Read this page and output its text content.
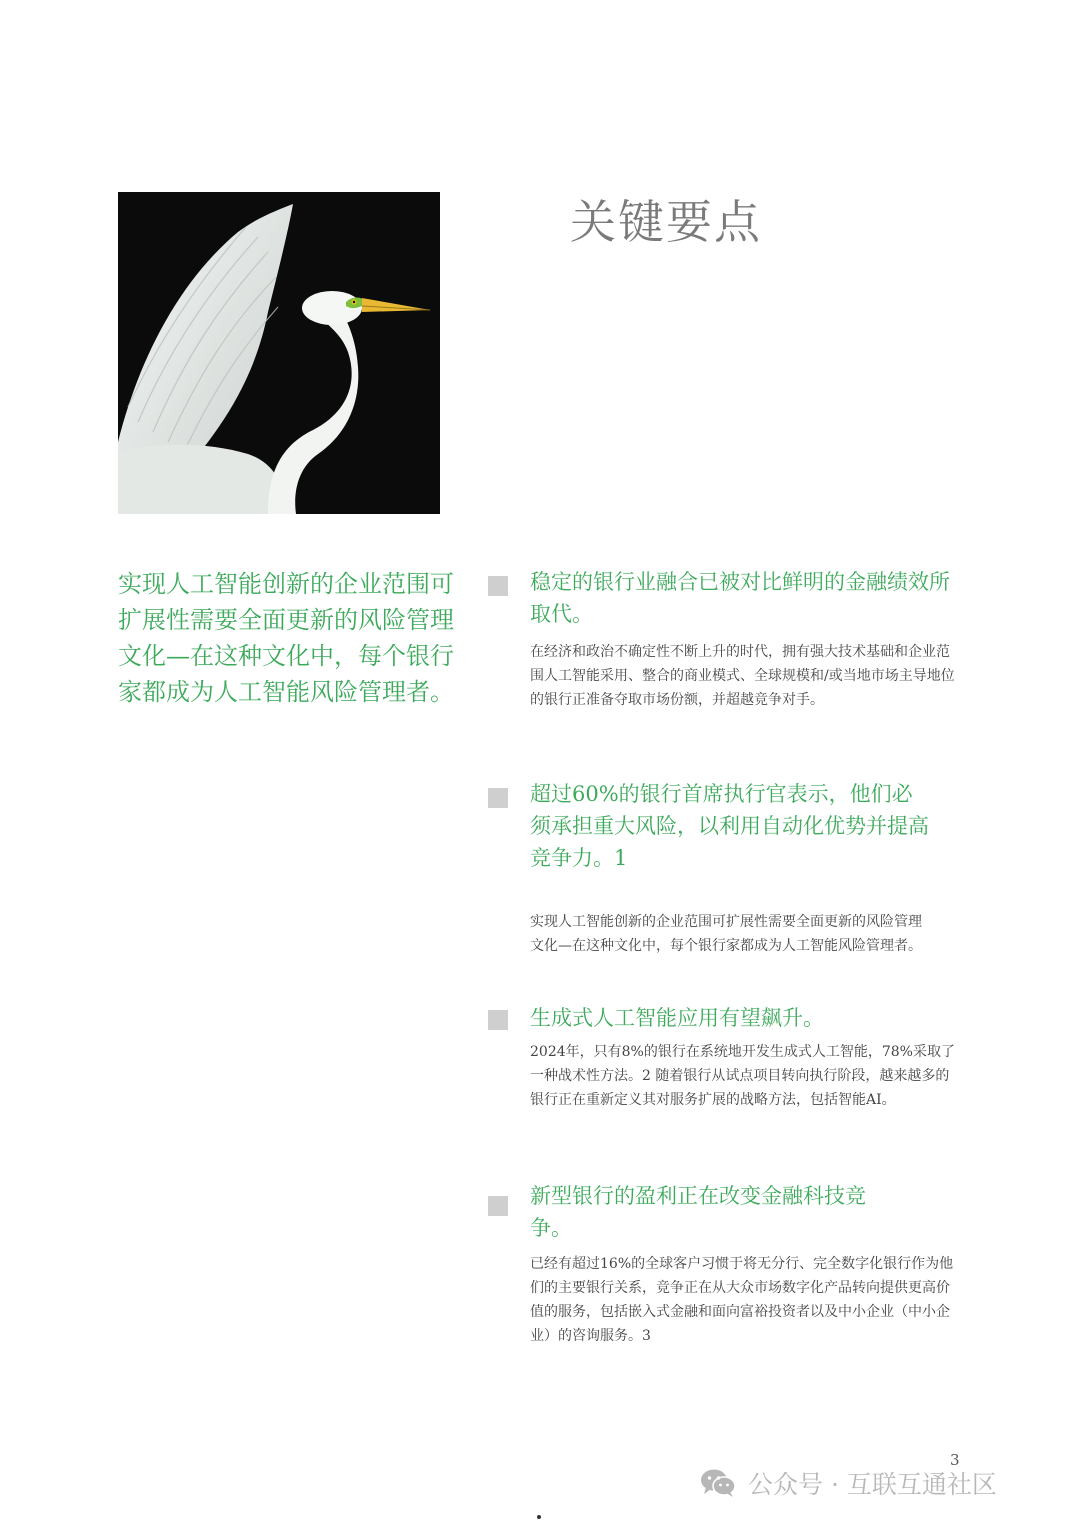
关键要点

实现人工智能创新的企业范围可扩展性需要全面更新的风险管理文化—在这种文化中，每个银行家都成为人工智能风险管理者。

稳定的银行业融合已被对比鲜明的金融绩效所取代。

在经济和政治不确定性不断上升的时代，拥有强大技术基础和企业范围人工智能采用、整合的商业模式、全球规模和/或当地市场主导地位的银行正准备夺取市场份额，并超越竞争对手。

超过60%的银行首席执行官表示，他们必须承担重大风险，以利用自动化优势并提高竞争力。1

实现人工智能创新的企业范围可扩展性需要全面更新的风险管理文化—在这种文化中，每个银行家都成为人工智能风险管理者。

生成式人工智能应用有望飙升。

2024年，只有8%的银行在系统地开发生成式人工智能，78%采取了一种战术性方法。2 随着银行从试点项目转向执行阶段，越来越多的银行正在重新定义其对服务扩展的战略方法，包括智能AI。

新型银行的盈利正在改变金融科技竞争。

已经有超过16%的全球客户习惯于将无分行、完全数字化银行作为他们的主要银行关系，竞争正在从大众市场数字化产品转向提供更高价值的服务，包括嵌入式金融和面向富裕投资者以及中小企业（中小企业）的咨询服务。3

3
公众号 · 互联互通社区
